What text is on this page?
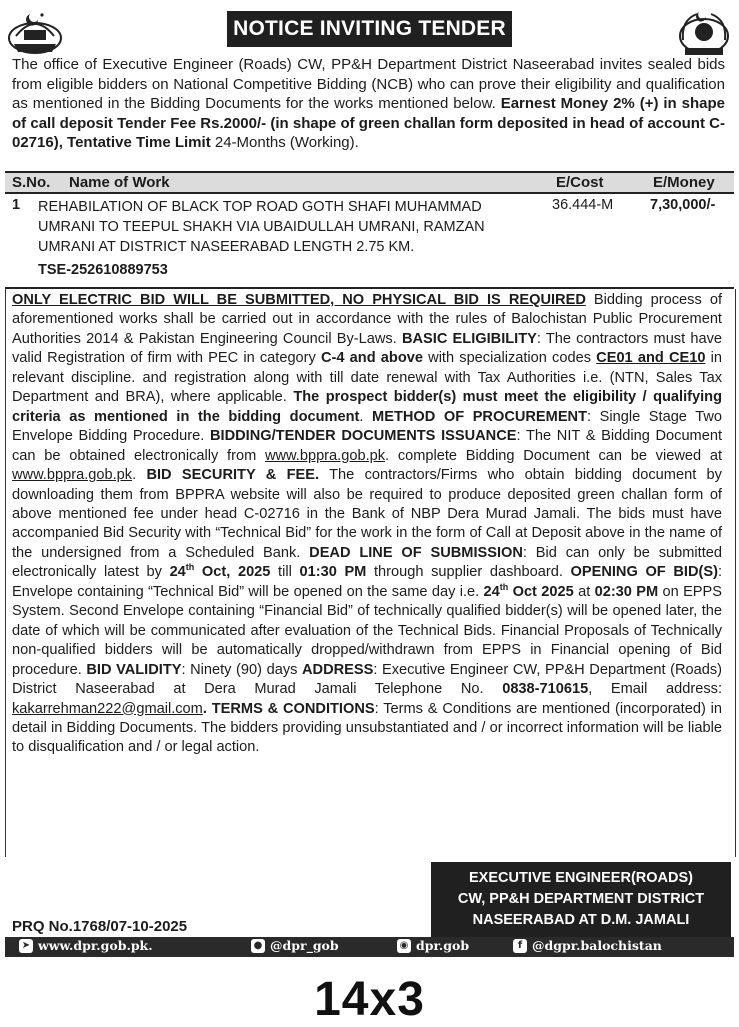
NOTICE INVITING TENDER
The office of Executive Engineer (Roads) CW, PP&H Department District Naseerabad invites sealed bids from eligible bidders on National Competitive Bidding (NCB) who can prove their eligibility and qualification as mentioned in the Bidding Documents for the works mentioned below. Earnest Money 2% (+) in shape of call deposit Tender Fee Rs.2000/- (in shape of green challan form deposited in head of account C-02716), Tentative Time Limit 24-Months (Working).
S.No. Name of Work	E/Cost	E/Money
1 REHABILATION OF BLACK TOP ROAD GOTH SHAFI MUHAMMAD UMRANI TO TEEPUL SHAKH VIA UBAIDULLAH UMRANI, RAMZAN UMRANI AT DISTRICT NASEERABAD LENGTH 2.75 KM.
TSE-252610889753
36.444-M	7,30,000/-
ONLY ELECTRIC BID WILL BE SUBMITTED, NO PHYSICAL BID IS REQUIRED Bidding process of aforementioned works shall be carried out in accordance with the rules of Balochistan Public Procurement Authorities 2014 & Pakistan Engineering Council By-Laws. BASIC ELIGIBILITY: The contractors must have valid Registration of firm with PEC in category C-4 and above with specialization codes CE01 and CE10 in relevant discipline. and registration along with till date renewal with Tax Authorities i.e. (NTN, Sales Tax Department and BRA), where applicable. The prospect bidder(s) must meet the eligibility / qualifying criteria as mentioned in the bidding document. METHOD OF PROCUREMENT: Single Stage Two Envelope Bidding Procedure. BIDDING/TENDER DOCUMENTS ISSUANCE: The NIT & Bidding Document can be obtained electronically from www.bppra.gob.pk. complete Bidding Document can be viewed at www.bppra.gob.pk. BID SECURITY & FEE. The contractors/Firms who obtain bidding document by downloading them from BPPRA website will also be required to produce deposited green challan form of above mentioned fee under head C-02716 in the Bank of NBP Dera Murad Jamali. The bids must have accompanied Bid Security with “Technical Bid” for the work in the form of Call at Deposit above in the name of the undersigned from a Scheduled Bank. DEAD LINE OF SUBMISSION: Bid can only be submitted electronically latest by 24th Oct, 2025 till 01:30 PM through supplier dashboard. OPENING OF BID(S): Envelope containing “Technical Bid” will be opened on the same day i.e. 24th Oct 2025 at 02:30 PM on EPPS System. Second Envelope containing “Financial Bid” of technically qualified bidder(s) will be opened later, the date of which will be communicated after evaluation of the Technical Bids. Financial Proposals of Technically non-qualified bidders will be automatically dropped/withdrawn from EPPS in Financial opening of Bid procedure. BID VALIDITY: Ninety (90) days ADDRESS: Executive Engineer CW, PP&H Department (Roads) District Naseerabad at Dera Murad Jamali Telephone No. 0838-710615, Email address: kakarrehman222@gmail.com. TERMS & CONDITIONS: Terms & Conditions are mentioned (incorporated) in detail in Bidding Documents. The bidders providing unsubstantiated and / or incorrect information will be liable to disqualification and / or legal action.
PRQ No.1768/07-10-2025
EXECUTIVE ENGINEER(ROADS)
CW, PP&H DEPARTMENT DISTRICT
NASEERABAD AT D.M. JAMALI
➤ www.dpr.gob.pk.	● @dpr_gob	◉ dpr.gob	f @dgpr.balochistan
14x3
